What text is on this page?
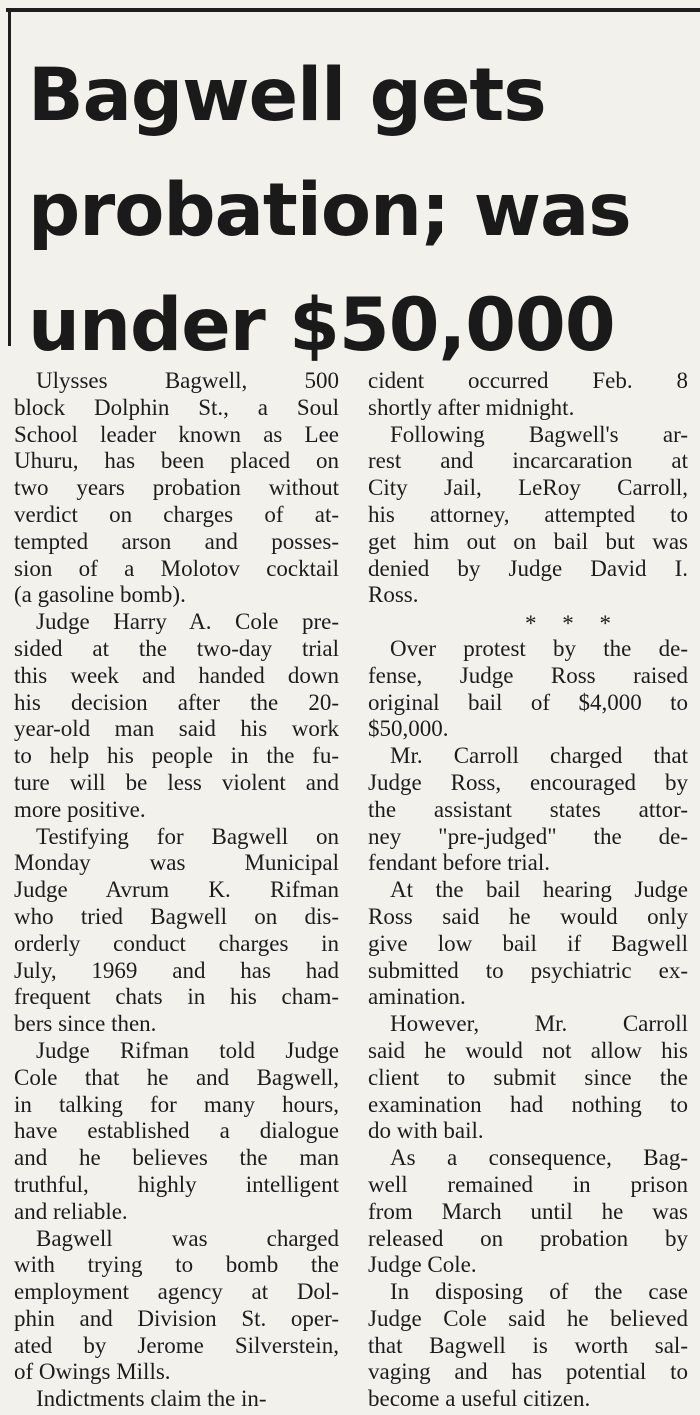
Bagwell gets
probation; was
under $50,000

Ulysses Bagwell, 500
block Dolphin St., a Soul
School leader known as Lee
Uhuru, has been placed on
two years probation without
verdict on charges of at-
tempted arson and posses-
sion of a Molotov cocktail
(a gasoline bomb).

Judge Harry A. Cole pre-
sided at the two-day trial
this week and handed down
his decision after the 20-
year-old man said his work
to help his people in the fu-
ture will be less violent and
more positive.

Testifying for Bagwell on
Monday was Municipal
Judge Avrum K. Rifman
who tried Bagwell on dis-
orderly conduct charges in
July, 1969 and has had
frequent chats in his cham-
bers since then.

Judge Rifman told Judge
Cole that he and Bagwell,
in talking for many hours,
have established a dialogue
and he believes the man
truthful, highly intelligent
and reliable.

Bagwell was charged
with trying to bomb the
employment agency at Dol-
phin and Division St. oper-
ated by Jerome Silverstein,
of Owings Mills.

Indictments claim the in-

cident occurred Feb. 8
shortly after midnight.

Following Bagwell's ar-
rest and incarcaration at
City Jail, LeRoy Carroll,
his attorney, attempted to
get him out on bail but was
denied by Judge David I.
Ross.

* * *

Over protest by the de-
fense, Judge Ross raised
original bail of $4,000 to
$50,000.

Mr. Carroll charged that
Judge Ross, encouraged by
the assistant states attor-
ney "pre-judged" the de-
fendant before trial.

At the bail hearing Judge
Ross said he would only
give low bail if Bagwell
submitted to psychiatric ex-
amination.

However, Mr. Carroll
said he would not allow his
client to submit since the
examination had nothing to
do with bail.

As a consequence, Bag-
well remained in prison
from March until he was
released on probation by
Judge Cole.

In disposing of the case
Judge Cole said he believed
that Bagwell is worth sal-
vaging and has potential to
become a useful citizen.
